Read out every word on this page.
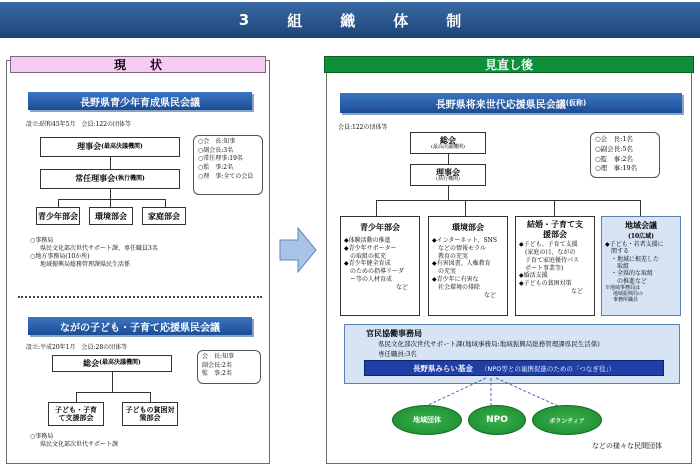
3	組	織	体	制
現　　状
長野県青少年育成県民会議
設立:昭和45年5月　会員:122の団体等
理事会 (最高決議機関)
常任理事会 (執行機関)
青少年部会	環境部会	家庭部会
○会　長:知事
○副会長:3名
○常任理事:19名
○監　事:2名
○理　事:全ての会員
○事務局
県民文化部次世代サポート課、専任職員3名
○地方事務局(10か所)
地域振興局総務管理課県民生活係
ながの子ども・子育て応援県民会議
設立:平成20年1月　会員:28の団体等
総会 (最高決議機関)
会　長:知事
副会長:2名
監　事:2名
子ども・子育て支援部会
子どもの貧困対策部会
○事務局
県民文化部次世代サポート課
見直し後
長野県将来世代応援県民会議 (仮称)
会員:122の団体等
総会
(最高決議機関)
理事会
(執行機関)
○会　長:1名
○副会長:5名
○監　事:2名
○理　事:19名
青少年部会
◆体験活動の推進
◆青少年サポーター
の取組の拡充
◆青少年健全育成
のための指導リーダ
ー等の人材育成
など
環境部会
◆インターネット、SNS
などの情報モラル
教育の充実
◆有害図書、人権教育
の充実
◆青少年に有害な
社会環境の排除
など
結婚・子育て支援部会
◆子ども、子育て支援
(家庭の日、ながの
子育て家庭優待パス
ポート事業等)
◆婚活支援
◆子どもの貧困対策
など
地域会議
(10広域)
◆子ども・若者支援に
関する
・地域に根差した
取組
・全県的な取組
の推進など
※地域事務局は
地域振興局の
事務所職員
官民協働事務局
県民文化部次世代サポート課(地域事務局:地域振興局総務管理課県民生活係)
専任職員:3名
長野県みらい基金 （NPO等との連携促進のための「つなぎ役」）
地域団体	NPO	ボランティア
などの様々な民間団体
